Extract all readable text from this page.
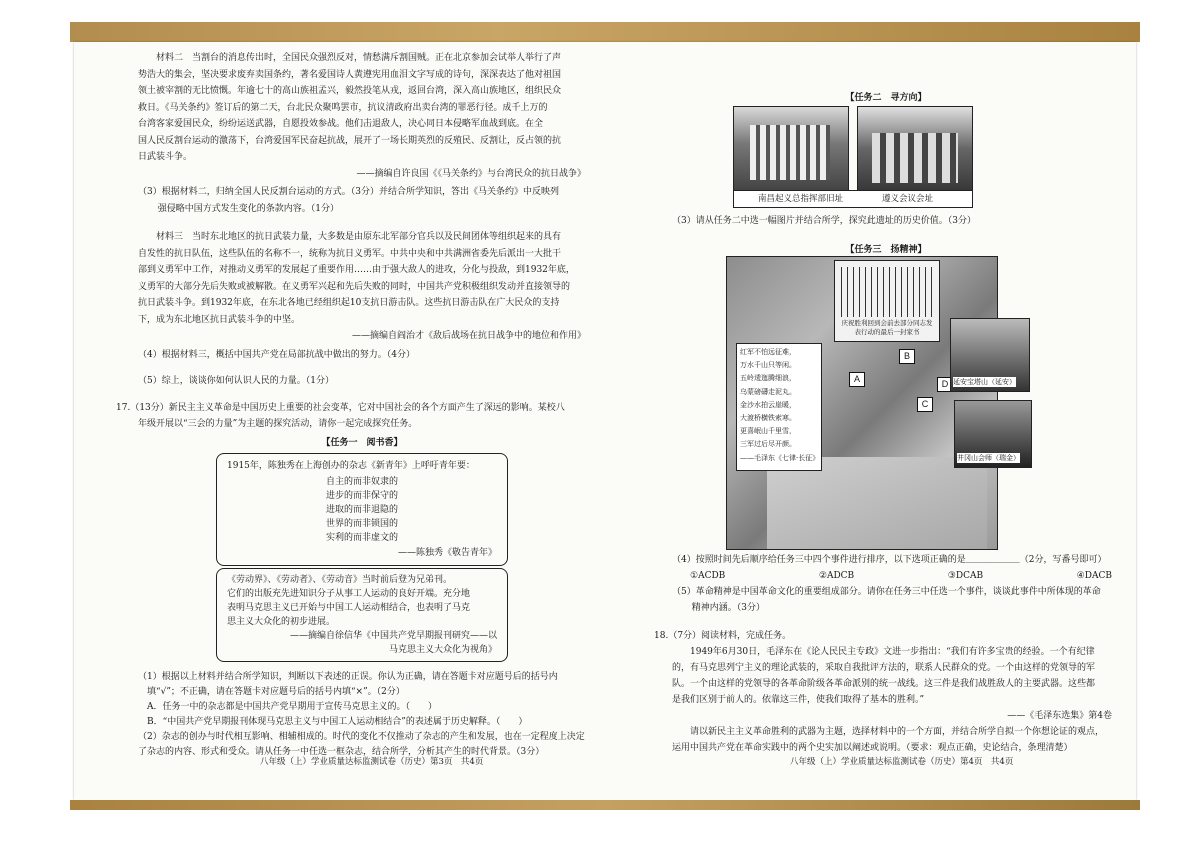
材料二　当割台的消息传出时，全国民众强烈反对，情愁满斥割国贼。正在北京参加会试举人举行了声

势浩大的集会，坚决要求废弃卖国条约，著名爱国诗人黄遵宪用血泪文字写成的诗句，深深表达了他对祖国

领土被宰割的无比愤慨。年逾七十的高山族祖孟兴，毅然投笔从戎，返回台湾，深入高山族地区，组织民众

救日。《马关条约》签订后的第二天，台北民众聚鸣罢市，抗议清政府出卖台湾的罪恶行径。成千上万的

台湾客家爱国民众，纷纷运送武器，自愿投效参战。他们击退敌人，决心同日本侵略军血战到底。在全

国人民反割台运动的激荡下，台湾爱国军民奋起抗战，展开了一场长期英烈的反殖民、反割让，反占领的抗

日武装斗争。

——摘编自许良国《《马关条约》与台湾民众的抗日战争》

（3）根据材料二，归纳全国人民反割台运动的方式。（3分）并结合所学知识，答出《马关条约》中反映列

强侵略中国方式发生变化的条款内容。（1分）

材料三　当时东北地区的抗日武装力量，大多数是由原东北军部分官兵以及民间团体等组织起来的具有

自发性的抗日队伍，这些队伍的名称不一，统称为抗日义勇军。中共中央和中共满洲省委先后派出一大批干

部到义勇军中工作，对推动义勇军的发展起了重要作用……由于强大敌人的进攻，分化与投敌，到1932年底，

义勇军的大部分先后失败或被解散。在义勇军兴起和先后失败的同时，中国共产党积极组织发动并直接领导的

抗日武装斗争。到1932年底，在东北各地已经组织起10支抗日游击队。这些抗日游击队在广大民众的支持

下，成为东北地区抗日武装斗争的中坚。

——摘编自阎治才《敌后战场在抗日战争中的地位和作用》

（4）根据材料三，概括中国共产党在局部抗战中做出的努力。（4分）

（5）综上，谈谈你如何认识人民的力量。（1分）

17.（13分）新民主主义革命是中国历史上重要的社会变革，它对中国社会的各个方面产生了深远的影响。某校八

年级开展以“三会的力量”为主题的探究活动，请你一起完成探究任务。

【任务一　阅书香】

1915年，陈独秀在上海创办的杂志《新青年》上呼吁青年要：

自主的而非奴隶的

进步的而非保守的

进取的而非退隐的

世界的而非锁国的

实利的而非虚文的

——陈独秀《敬告青年》

《劳动界》、《劳动者》、《劳动音》当时前后登为兄弟刊。

它们的出版充先进知识分子从事工人运动的良好开端。充分地

表明马克思主义已开始与中国工人运动相结合，也表明了马克

思主义大众化的初步进展。

——摘编自徐信华《中国共产党早期报刊研究——以

马克思主义大众化为视角》

（1）根据以上材料并结合所学知识，判断以下表述的正误。你认为正确，请在答题卡对应题号后的括号内

填“√”；不正确，请在答题卡对应题号后的括号内填“×”。（2分）

A．任务一中的杂志都是中国共产党早期用于宣传马克思主义的。（　　）

B．“中国共产党早期报刊体现马克思主义与中国工人运动相结合”的表述属于历史解释。（　　）

（2）杂志的创办与时代相互影响、相辅相成的。时代的变化不仅推动了杂志的产生和发展，也在一定程度上决定

了杂志的内容、形式和受众。请从任务一中任选一框杂志，结合所学，分析其产生的时代背景。（3分）

八年级（上）学业质量达标监测试卷（历史）第3页　共4页

【任务二　寻方向】

南昌起义总指挥部旧址	遵义会议会址

（3）请从任务二中选一幅图片并结合所学，探究此遗址的历史价值。（3分）

【任务三　扬精神】

A
B
C
D

庆祝胜利回到会前去部分同志发表行动的最后一封家书

红军不怕远征难，

万水千山只等闲。

五岭逶迤腾细浪，

乌蒙磅礴走泥丸。

金沙水拍云崖暖，

大渡桥横铁索寒。

更喜岷山千里雪，

三军过后尽开颜。

——毛泽东《七律·长征》

延安宝塔山（延安）
井冈山会师（瑞金）

（4）按照时间先后顺序给任务三中四个事件进行排序，以下选项正确的是＿＿＿＿＿＿（2分，写番号即可）

①ACDB	②ADCB	③DCAB	④DACB

（5）革命精神是中国革命文化的重要组成部分。请你在任务三中任选一个事件，谈谈此事件中所体现的革命

精神内涵。（3分）

18.（7分）阅读材料，完成任务。

1949年6月30日，毛泽东在《论人民民主专政》文进一步指出：“我们有许多宝贵的经验。一个有纪律

的，有马克思列宁主义的理论武装的，采取自我批评方法的，联系人民群众的党。一个由这样的党领导的军

队。一个由这样的党领导的各革命阶级各革命派别的统一战线。这三件是我们战胜敌人的主要武器。这些都

是我们区别于前人的。依靠这三件，使我们取得了基本的胜利。”

——《毛泽东选集》第4卷

请以新民主主义革命胜利的武器为主题，选择材料中的一个方面，并结合所学自拟一个你想论证的观点，

运用中国共产党在革命实践中的两个史实加以阐述或说明。（要求：观点正确，史论结合，条理清楚）

八年级（上）学业质量达标监测试卷（历史）第4页　共4页
